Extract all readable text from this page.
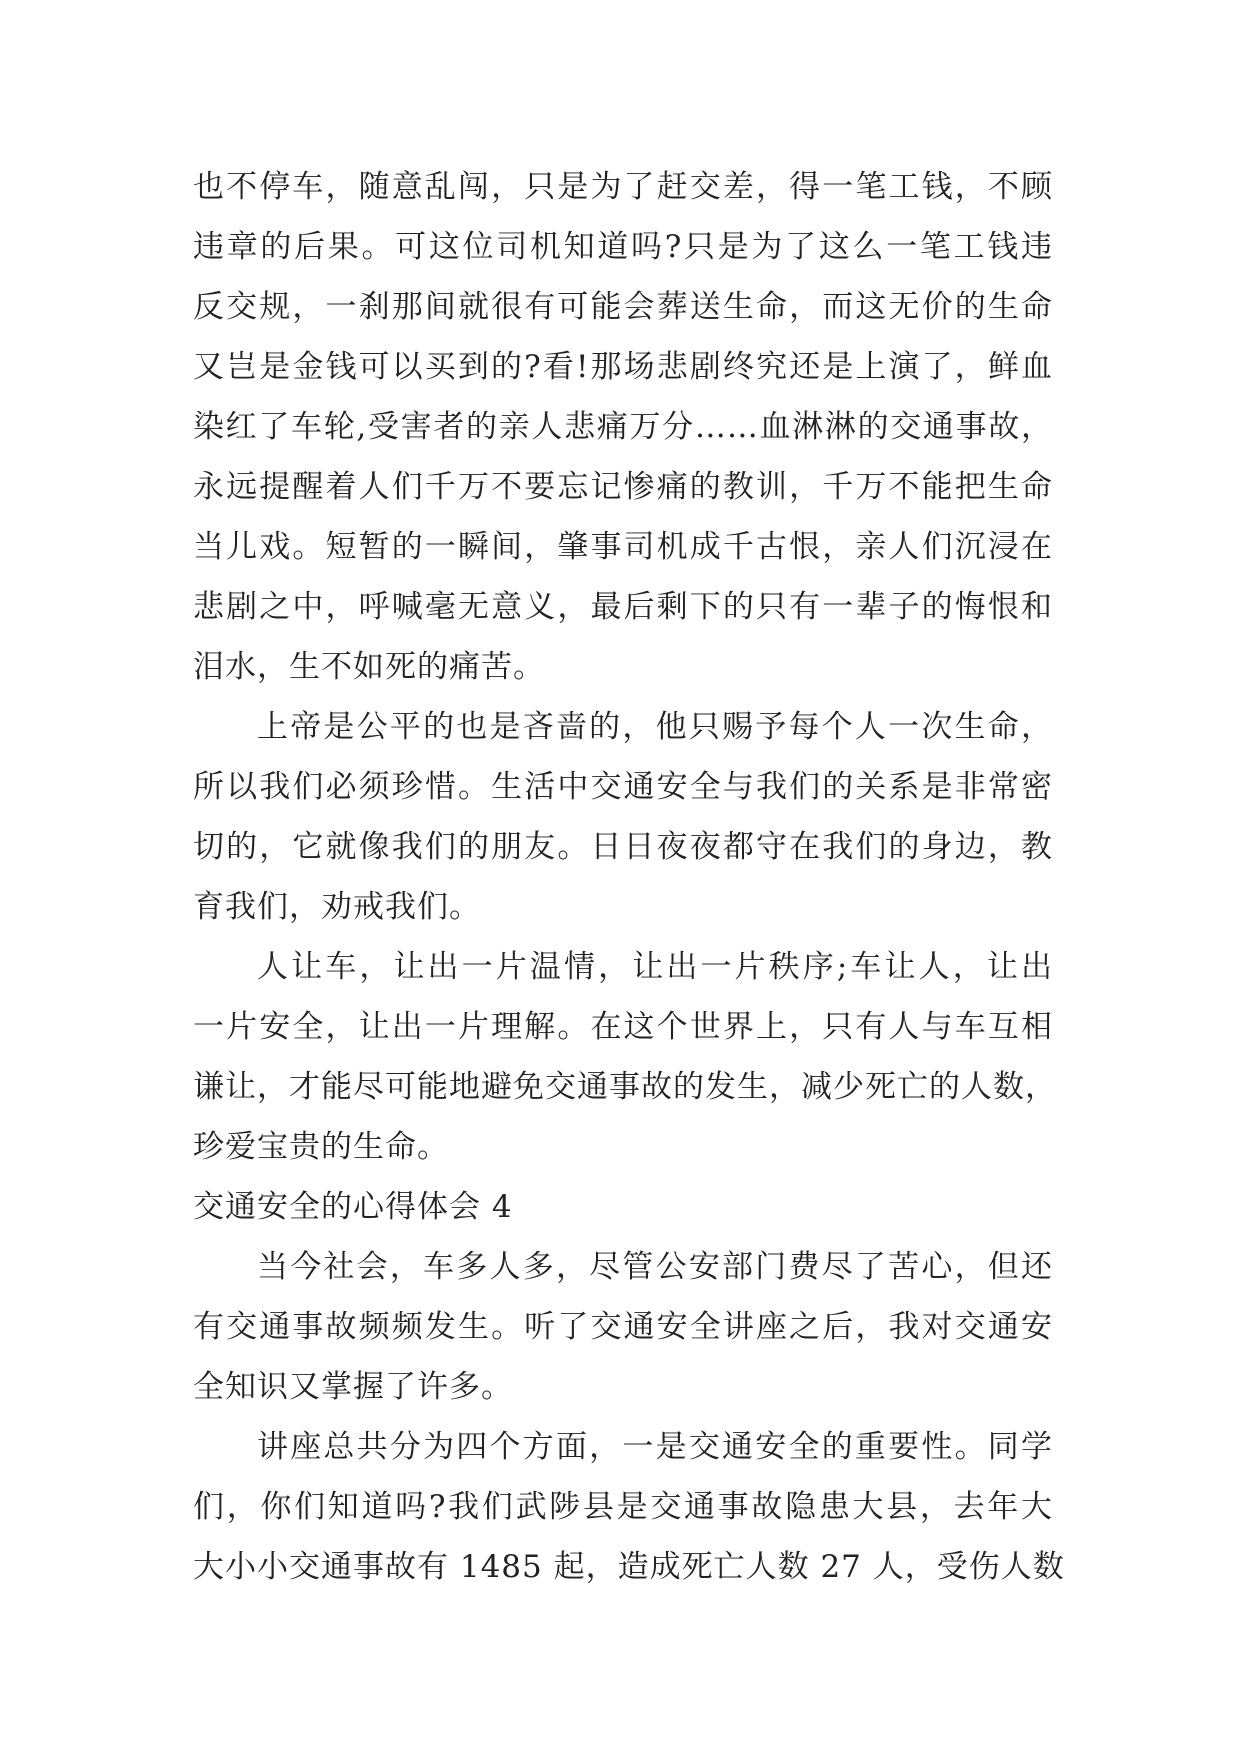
也不停车，随意乱闯，只是为了赶交差，得一笔工钱，不顾
违章的后果。可这位司机知道吗?只是为了这么一笔工钱违
反交规，一刹那间就很有可能会葬送生命，而这无价的生命
又岂是金钱可以买到的?看!那场悲剧终究还是上演了，鲜血
染红了车轮,受害者的亲人悲痛万分……血淋淋的交通事故，
永远提醒着人们千万不要忘记惨痛的教训，千万不能把生命
当儿戏。短暂的一瞬间，肇事司机成千古恨，亲人们沉浸在
悲剧之中，呼喊毫无意义，最后剩下的只有一辈子的悔恨和
泪水，生不如死的痛苦。
上帝是公平的也是吝啬的，他只赐予每个人一次生命，
所以我们必须珍惜。生活中交通安全与我们的关系是非常密
切的，它就像我们的朋友。日日夜夜都守在我们的身边，教
育我们，劝戒我们。
人让车，让出一片温情，让出一片秩序;车让人，让出
一片安全，让出一片理解。在这个世界上，只有人与车互相
谦让，才能尽可能地避免交通事故的发生，减少死亡的人数，
珍爱宝贵的生命。
交通安全的心得体会 4
当今社会，车多人多，尽管公安部门费尽了苦心，但还
有交通事故频频发生。听了交通安全讲座之后，我对交通安
全知识又掌握了许多。
讲座总共分为四个方面，一是交通安全的重要性。同学
们，你们知道吗?我们武陟县是交通事故隐患大县，去年大
大小小交通事故有 1485 起，造成死亡人数 27 人，受伤人数
